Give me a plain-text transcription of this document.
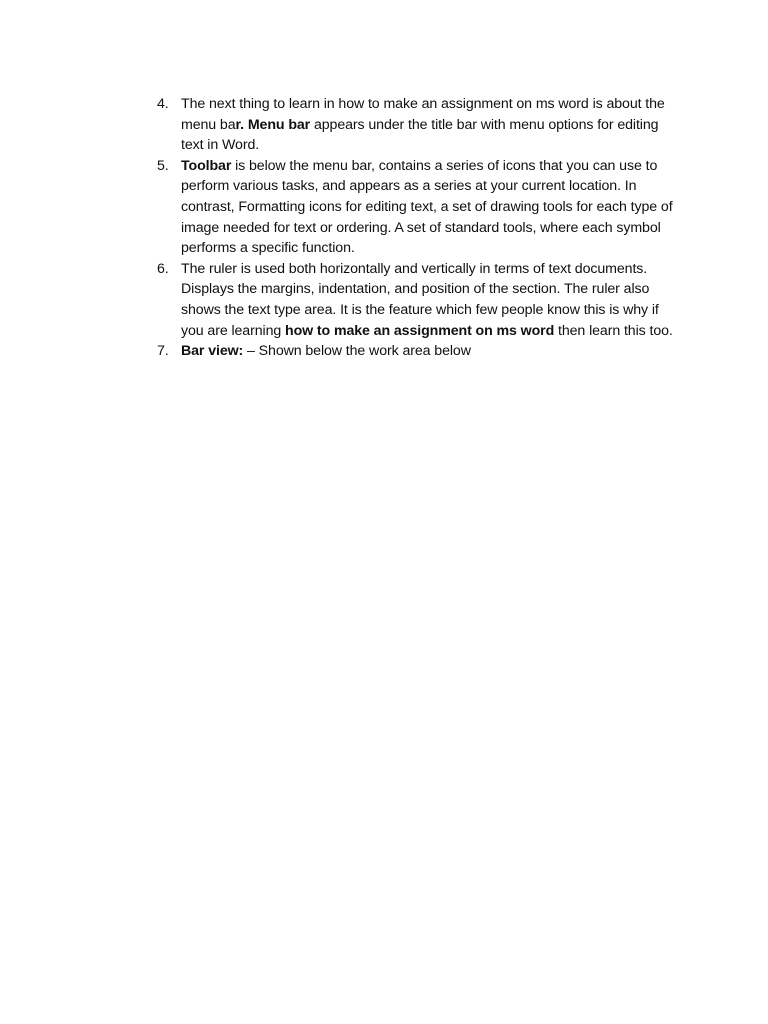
4. The next thing to learn in how to make an assignment on ms word is about the menu bar. Menu bar appears under the title bar with menu options for editing text in Word.
5. Toolbar is below the menu bar, contains a series of icons that you can use to perform various tasks, and appears as a series at your current location. In contrast, Formatting icons for editing text, a set of drawing tools for each type of image needed for text or ordering. A set of standard tools, where each symbol performs a specific function.
6. The ruler is used both horizontally and vertically in terms of text documents. Displays the margins, indentation, and position of the section. The ruler also shows the text type area. It is the feature which few people know this is why if you are learning how to make an assignment on ms word then learn this too.
7. Bar view: – Shown below the work area below
